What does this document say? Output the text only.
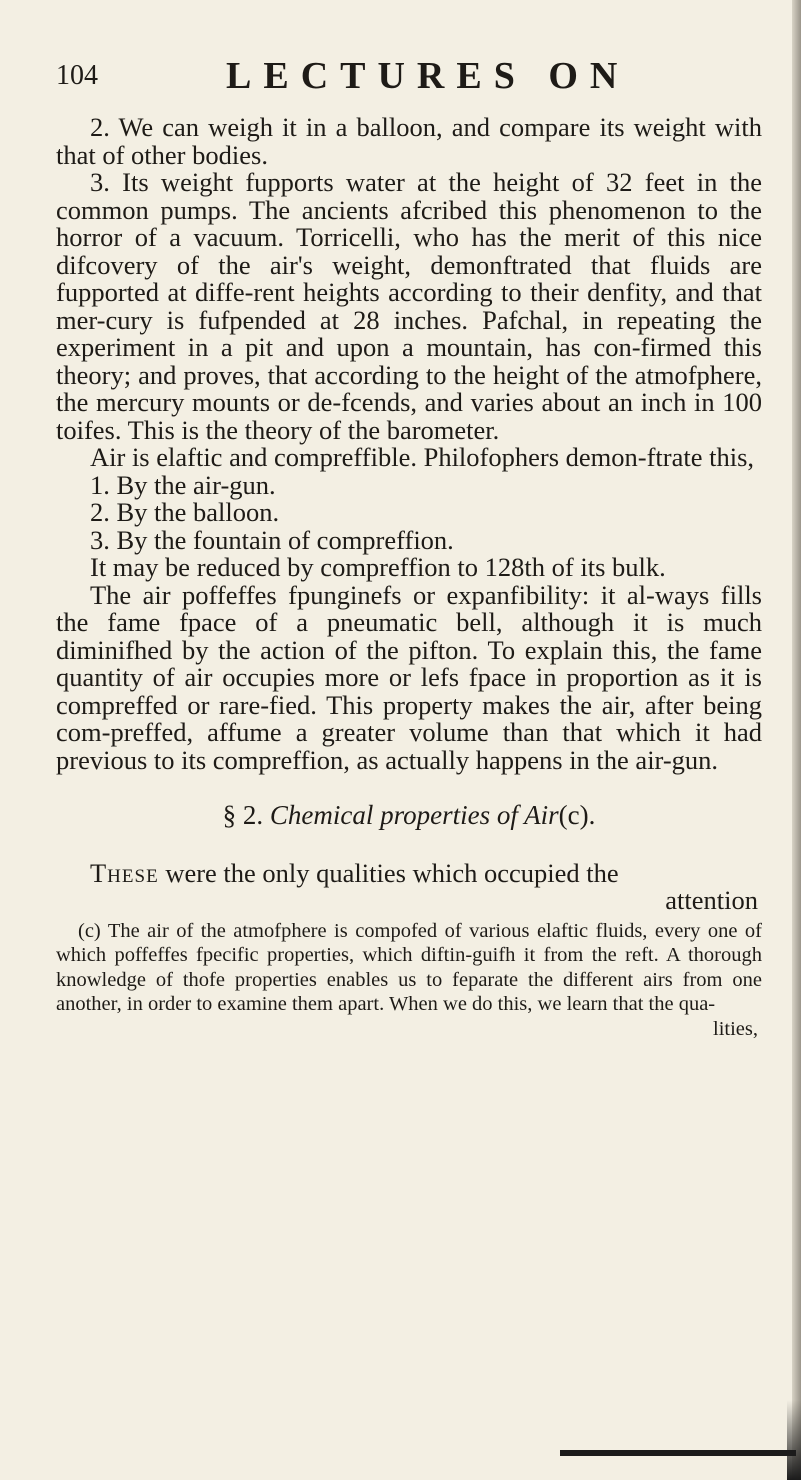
104	LECTURES ON

2. We can weigh it in a balloon, and compare its weight with that of other bodies.

3. Its weight fupports water at the height of 32 feet in the common pumps. The ancients afcribed this phenomenon to the horror of a vacuum. Torricelli, who has the merit of this nice difcovery of the air's weight, demonftrated that fluids are fupported at diffe-rent heights according to their denfity, and that mer-cury is fufpended at 28 inches. Pafchal, in repeating the experiment in a pit and upon a mountain, has con-firmed this theory; and proves, that according to the height of the atmofphere, the mercury mounts or de-fcends, and varies about an inch in 100 toifes. This is the theory of the barometer.

Air is elaftic and compreffible. Philofophers demon-ftrate this,

1. By the air-gun.

2. By the balloon.

3. By the fountain of compreffion.

It may be reduced by compreffion to 128th of its bulk.

The air poffeffes fpunginefs or expanfibility: it al-ways fills the fame fpace of a pneumatic bell, although it is much diminifhed by the action of the pifton. To explain this, the fame quantity of air occupies more or lefs fpace in proportion as it is compreffed or rare-fied. This property makes the air, after being com-preffed, affume a greater volume than that which it had previous to its compreffion, as actually happens in the air-gun.

§ 2. Chemical properties of Air(c).

These were the only qualities which occupied the

attention

(c) The air of the atmofphere is compofed of various elaftic fluids, every one of which poffeffes fpecific properties, which diftin-guifh it from the reft. A thorough knowledge of thofe properties enables us to feparate the different airs from one another, in order to examine them apart. When we do this, we learn that the qua-

lities,
